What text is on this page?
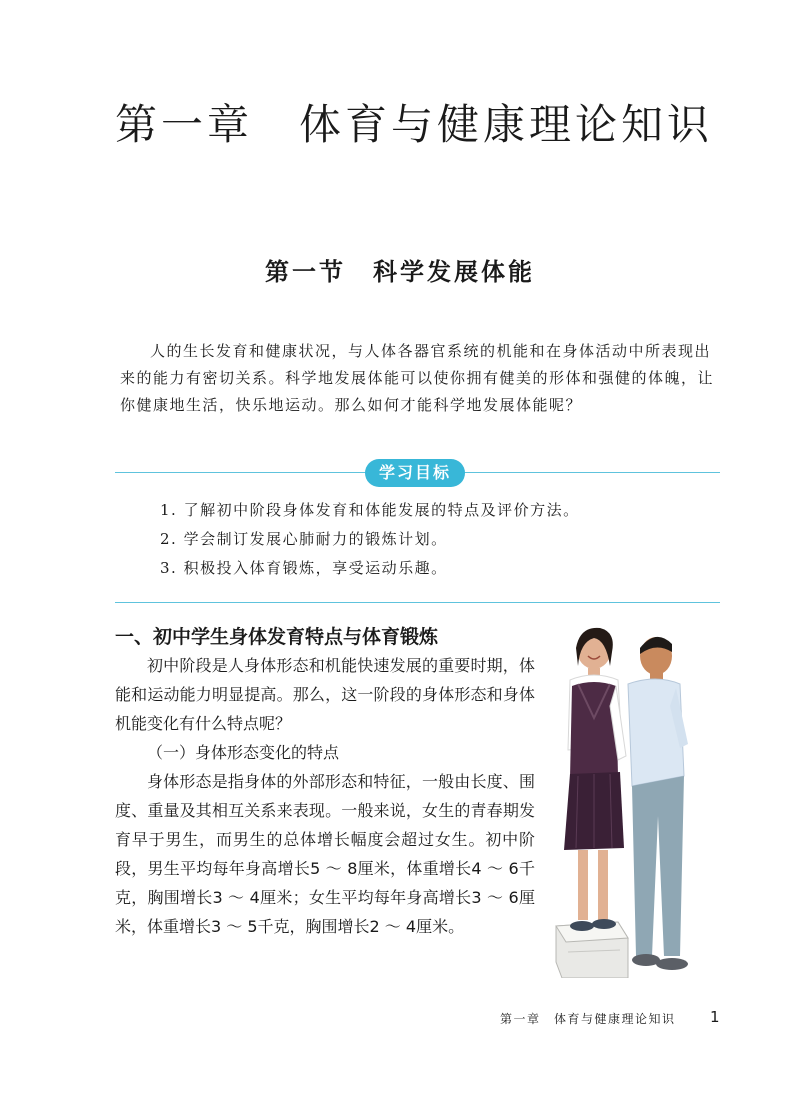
第一章　体育与健康理论知识
第一节　科学发展体能

人的生长发育和健康状况，与人体各器官系统的机能和在身体活动中所表现出来的能力有密切关系。科学地发展体能可以使你拥有健美的形体和强健的体魄，让你健康地生活，快乐地运动。那么如何才能科学地发展体能呢？

学习目标
1. 了解初中阶段身体发育和体能发展的特点及评价方法。
2. 学会制订发展心肺耐力的锻炼计划。
3. 积极投入体育锻炼，享受运动乐趣。
一、初中学生身体发育特点与体育锻炼

初中阶段是人身体形态和机能快速发展的重要时期，体能和运动能力明显提高。那么，这一阶段的身体形态和身体机能变化有什么特点呢？

（一）身体形态变化的特点

身体形态是指身体的外部形态和特征，一般由长度、围度、重量及其相互关系来表现。一般来说，女生的青春期发育早于男生，而男生的总体增长幅度会超过女生。初中阶段，男生平均每年身高增长5 ～ 8厘米，体重增长4 ～ 6千克，胸围增长3 ～ 4厘米；女生平均每年身高增长3 ～ 6厘米，体重增长3 ～ 5千克，胸围增长2 ～ 4厘米。

第一章　体育与健康理论知识 1
